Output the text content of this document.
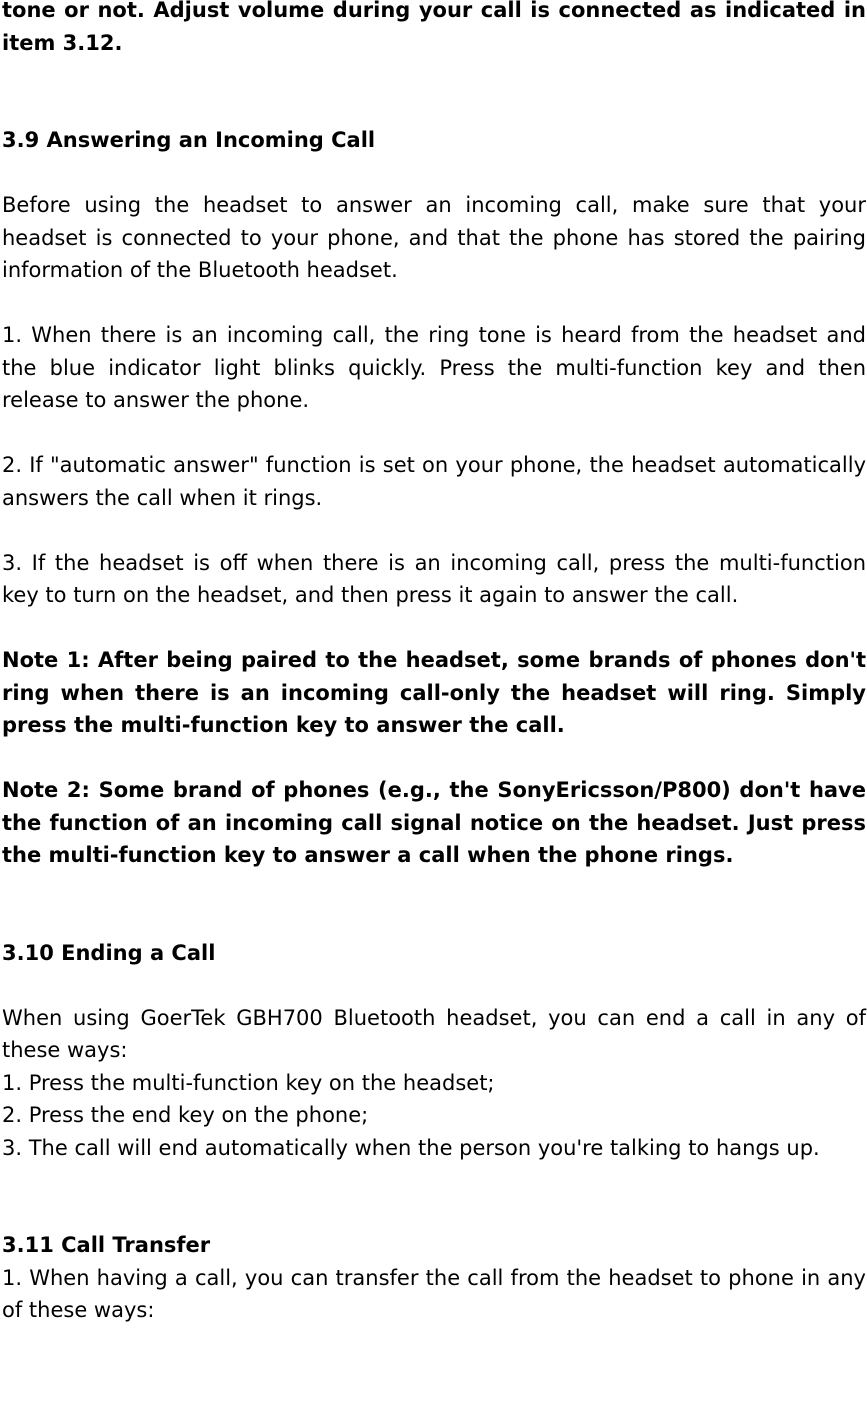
tone or not. Adjust volume during your call is connected as indicated in item 3.12.

3.9 Answering an Incoming Call

Before using the headset to answer an incoming call, make sure that your headset is connected to your phone, and that the phone has stored the pairing information of the Bluetooth headset.

1. When there is an incoming call, the ring tone is heard from the headset and the blue indicator light blinks quickly. Press the multi-function key and then release to answer the phone.

2. If "automatic answer" function is set on your phone, the headset automatically answers the call when it rings.

3. If the headset is off when there is an incoming call, press the multi-function key to turn on the headset, and then press it again to answer the call.

Note 1: After being paired to the headset, some brands of phones don't ring when there is an incoming call-only the headset will ring. Simply press the multi-function key to answer the call.

Note 2: Some brand of phones (e.g., the SonyEricsson/P800) don't have the function of an incoming call signal notice on the headset. Just press the multi-function key to answer a call when the phone rings.

3.10 Ending a Call

When using GoerTek GBH700 Bluetooth headset, you can end a call in any of these ways:

1. Press the multi-function key on the headset;
2. Press the end key on the phone;

3. The call will end automatically when the person you're talking to hangs up.

3.11 Call Transfer

1. When having a call, you can transfer the call from the headset to phone in any of these ways:
